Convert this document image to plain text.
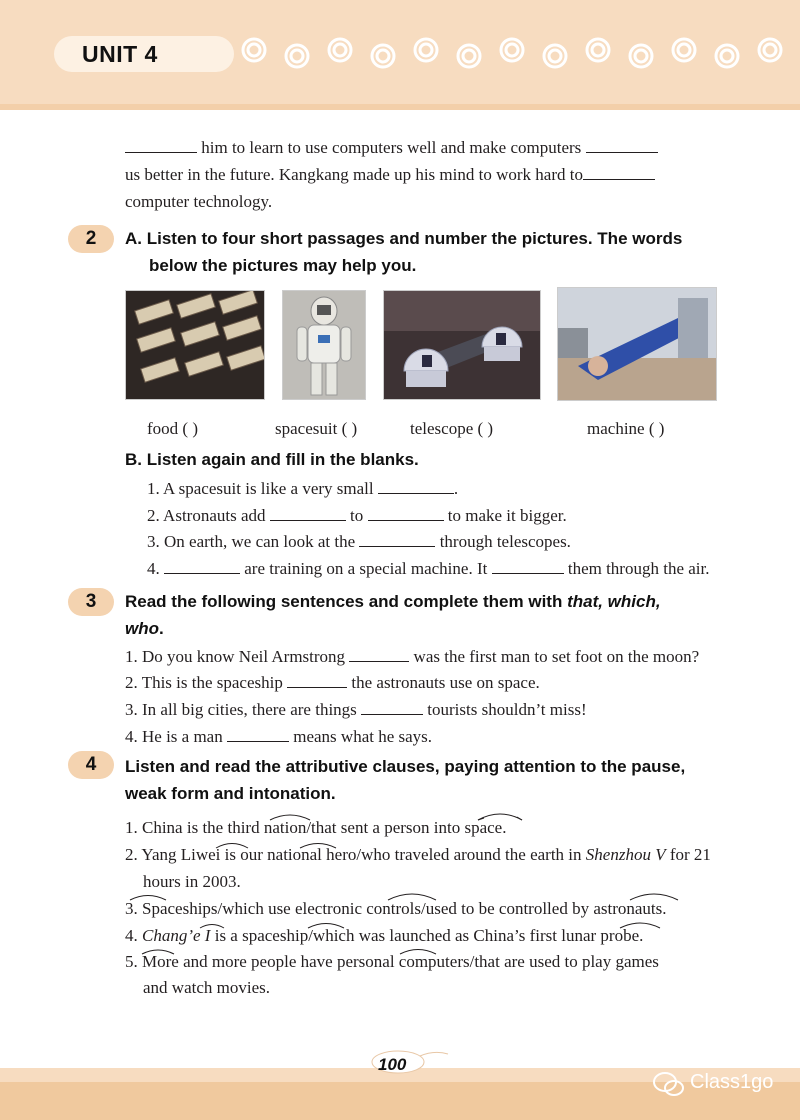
UNIT 4
him to learn to use computers well and make computers
us better in the future. Kangkang made up his mind to work hard to
computer technology.
2	A. Listen to four short passages and number the pictures. The words
below the pictures may help you.
food ( )	spacesuit ( )	telescope ( )	machine ( )
B. Listen again and fill in the blanks.
1. A spacesuit is like a very small	.
2. Astronauts add	to	to make it bigger.
3. On earth, we can look at the	through telescopes.
4.	are training on a special machine. It	them through the air.
3	Read the following sentences and complete them with that, which,
who.
1. Do you know Neil Armstrong	was the first man to set foot on the moon?
2. This is the spaceship	the astronauts use on space.
3. In all big cities, there are things	tourists shouldn’t miss!
4. He is a man	means what he says.
4	Listen and read the attributive clauses, paying attention to the pause,
weak form and intonation.
1. China is the third nation/that sent a person into space.
2. Yang Liwei is our national hero/who traveled around the earth in Shenzhou V for 21
hours in 2003.
3. Spaceships/which use electronic controls/used to be controlled by astronauts.
4. Chang’e I is a spaceship/which was launched as China’s first lunar probe.
5. More and more people have personal computers/that are used to play games
and watch movies.
100
Class1go
